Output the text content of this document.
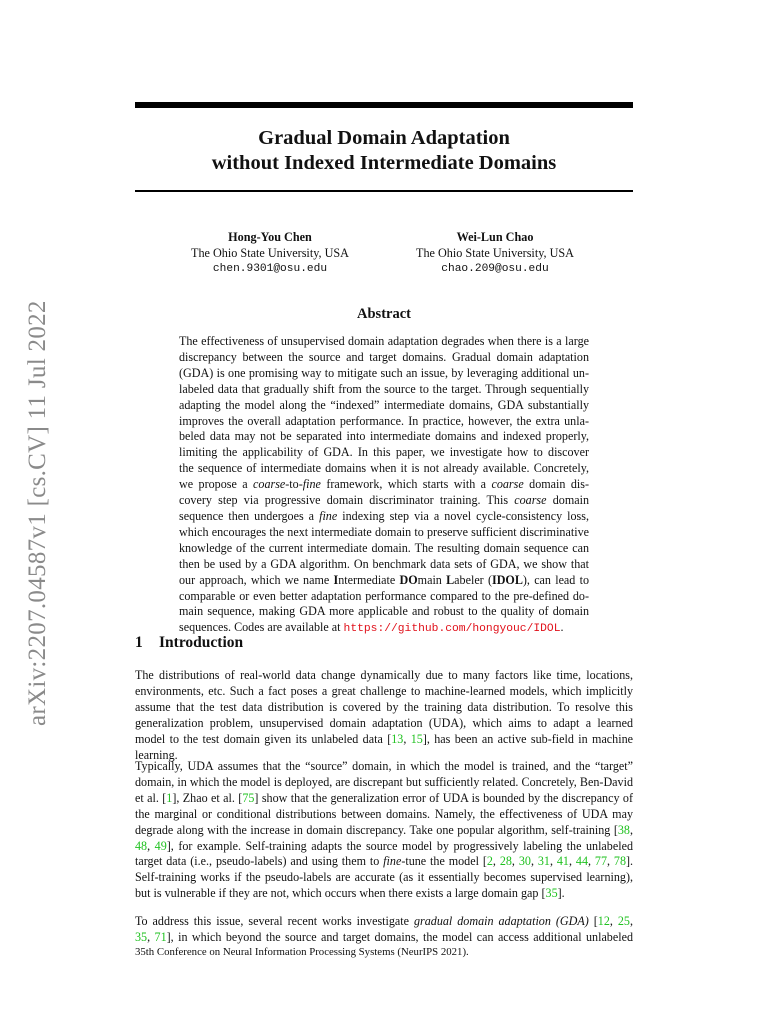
arXiv:2207.04587v1 [cs.CV] 11 Jul 2022
Gradual Domain Adaptation
without Indexed Intermediate Domains
Hong-You Chen
The Ohio State University, USA
chen.9301@osu.edu
Wei-Lun Chao
The Ohio State University, USA
chao.209@osu.edu
Abstract
The effectiveness of unsupervised domain adaptation degrades when there is a large
discrepancy between the source and target domains. Gradual domain adaptation
(GDA) is one promising way to mitigate such an issue, by leveraging additional un-
labeled data that gradually shift from the source to the target. Through sequentially
adapting the model along the “indexed” intermediate domains, GDA substantially
improves the overall adaptation performance. In practice, however, the extra unla-
beled data may not be separated into intermediate domains and indexed properly,
limiting the applicability of GDA. In this paper, we investigate how to discover
the sequence of intermediate domains when it is not already available. Concretely,
we propose a coarse-to-fine framework, which starts with a coarse domain dis-
covery step via progressive domain discriminator training. This coarse domain
sequence then undergoes a fine indexing step via a novel cycle-consistency loss,
which encourages the next intermediate domain to preserve sufficient discriminative
knowledge of the current intermediate domain. The resulting domain sequence can
then be used by a GDA algorithm. On benchmark data sets of GDA, we show that
our approach, which we name Intermediate DOmain Labeler (IDOL), can lead to
comparable or even better adaptation performance compared to the pre-defined do-
main sequence, making GDA more applicable and robust to the quality of domain
sequences. Codes are available at https://github.com/hongyouc/IDOL.
1 Introduction
The distributions of real-world data change dynamically due to many factors like time, locations,
environments, etc. Such a fact poses a great challenge to machine-learned models, which implicitly
assume that the test data distribution is covered by the training data distribution. To resolve this
generalization problem, unsupervised domain adaptation (UDA), which aims to adapt a learned
model to the test domain given its unlabeled data [13, 15], has been an active sub-field in machine
learning.
Typically, UDA assumes that the “source” domain, in which the model is trained, and the “target”
domain, in which the model is deployed, are discrepant but sufficiently related. Concretely, Ben-David
et al. [1], Zhao et al. [75] show that the generalization error of UDA is bounded by the discrepancy of
the marginal or conditional distributions between domains. Namely, the effectiveness of UDA may
degrade along with the increase in domain discrepancy. Take one popular algorithm, self-training [38,
48, 49], for example. Self-training adapts the source model by progressively labeling the unlabeled
target data (i.e., pseudo-labels) and using them to fine-tune the model [2, 28, 30, 31, 41, 44, 77, 78].
Self-training works if the pseudo-labels are accurate (as it essentially becomes supervised learning),
but is vulnerable if they are not, which occurs when there exists a large domain gap [35].
To address this issue, several recent works investigate gradual domain adaptation (GDA) [12, 25,
35, 71], in which beyond the source and target domains, the model can access additional unlabeled
35th Conference on Neural Information Processing Systems (NeurIPS 2021).
